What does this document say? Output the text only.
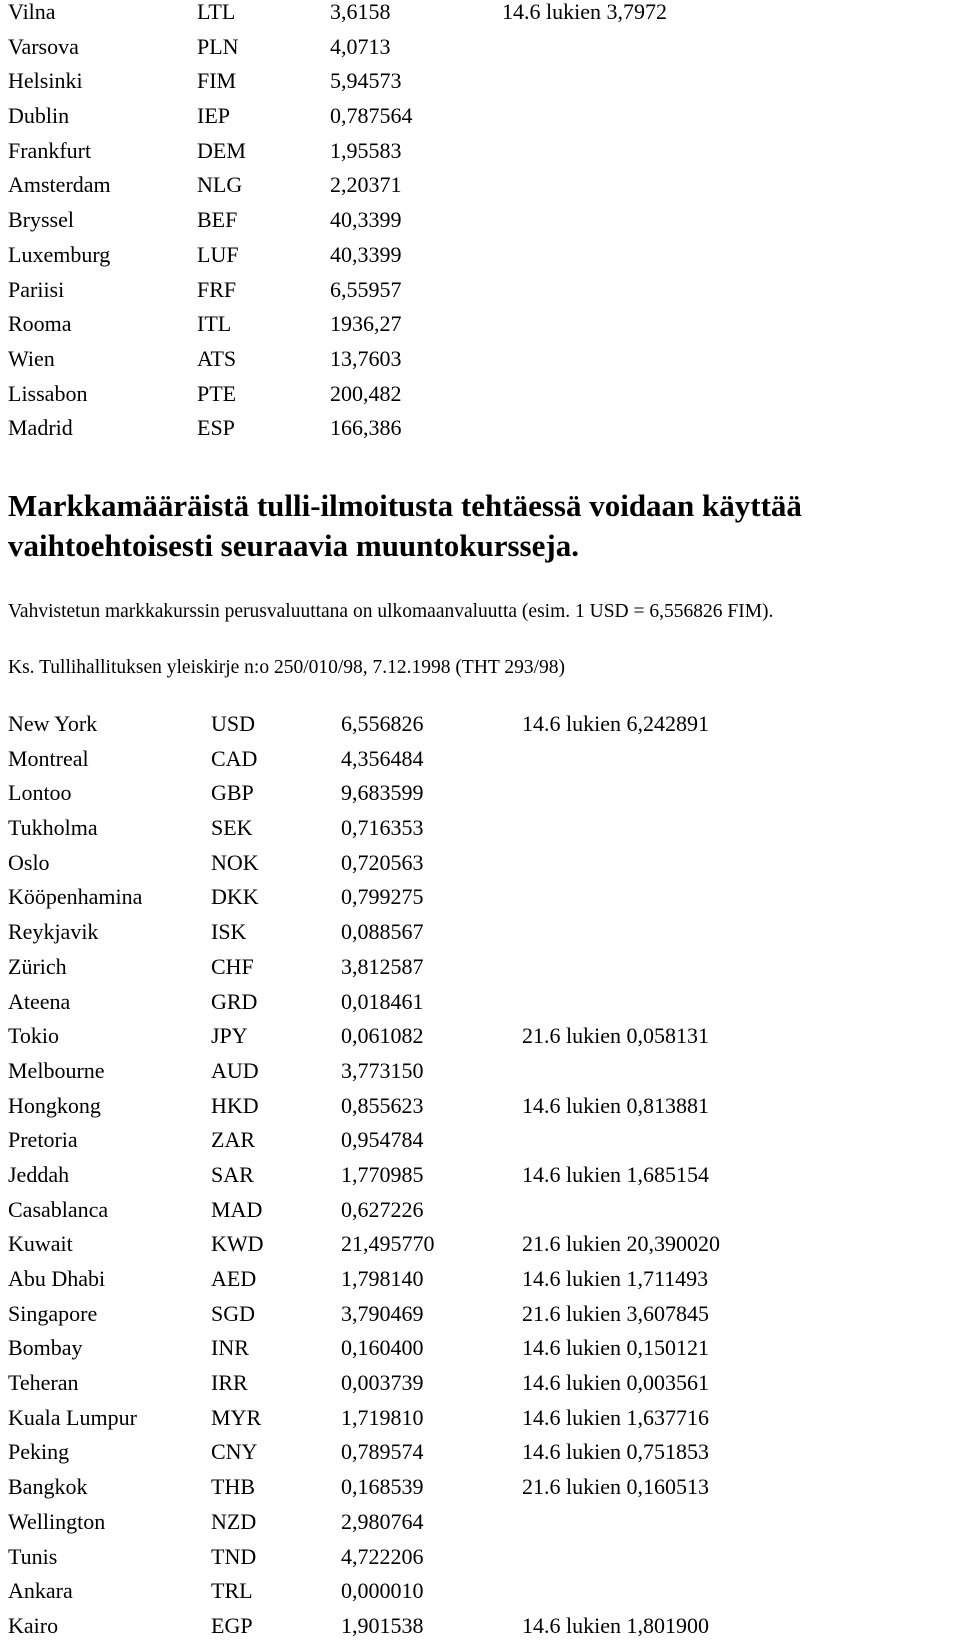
Vilna	LTL	3,6158	14.6 lukien 3,7972
Varsova	PLN	4,0713
Helsinki	FIM	5,94573
Dublin	IEP	0,787564
Frankfurt	DEM	1,95583
Amsterdam	NLG	2,20371
Bryssel	BEF	40,3399
Luxemburg	LUF	40,3399
Pariisi	FRF	6,55957
Rooma	ITL	1936,27
Wien	ATS	13,7603
Lissabon	PTE	200,482
Madrid	ESP	166,386
Markkamääräistä tulli-ilmoitusta tehtäessä voidaan käyttää vaihtoehtoisesti seuraavia muuntokursseja.
Vahvistetun markkakurssin perusvaluuttana on ulkomaanvaluutta (esim. 1 USD = 6,556826 FIM).
Ks. Tullihallituksen yleiskirje n:o 250/010/98, 7.12.1998 (THT 293/98)
New York	USD	6,556826	14.6 lukien 6,242891
Montreal	CAD	4,356484
Lontoo	GBP	9,683599
Tukholma	SEK	0,716353
Oslo	NOK	0,720563
Kööpenhamina	DKK	0,799275
Reykjavik	ISK	0,088567
Zürich	CHF	3,812587
Ateena	GRD	0,018461
Tokio	JPY	0,061082	21.6 lukien 0,058131
Melbourne	AUD	3,773150
Hongkong	HKD	0,855623	14.6 lukien 0,813881
Pretoria	ZAR	0,954784
Jeddah	SAR	1,770985	14.6 lukien 1,685154
Casablanca	MAD	0,627226
Kuwait	KWD	21,495770	21.6 lukien 20,390020
Abu Dhabi	AED	1,798140	14.6 lukien 1,711493
Singapore	SGD	3,790469	21.6 lukien 3,607845
Bombay	INR	0,160400	14.6 lukien 0,150121
Teheran	IRR	0,003739	14.6 lukien 0,003561
Kuala Lumpur	MYR	1,719810	14.6 lukien 1,637716
Peking	CNY	0,789574	14.6 lukien 0,751853
Bangkok	THB	0,168539	21.6 lukien 0,160513
Wellington	NZD	2,980764
Tunis	TND	4,722206
Ankara	TRL	0,000010
Kairo	EGP	1,901538	14.6 lukien 1,801900
